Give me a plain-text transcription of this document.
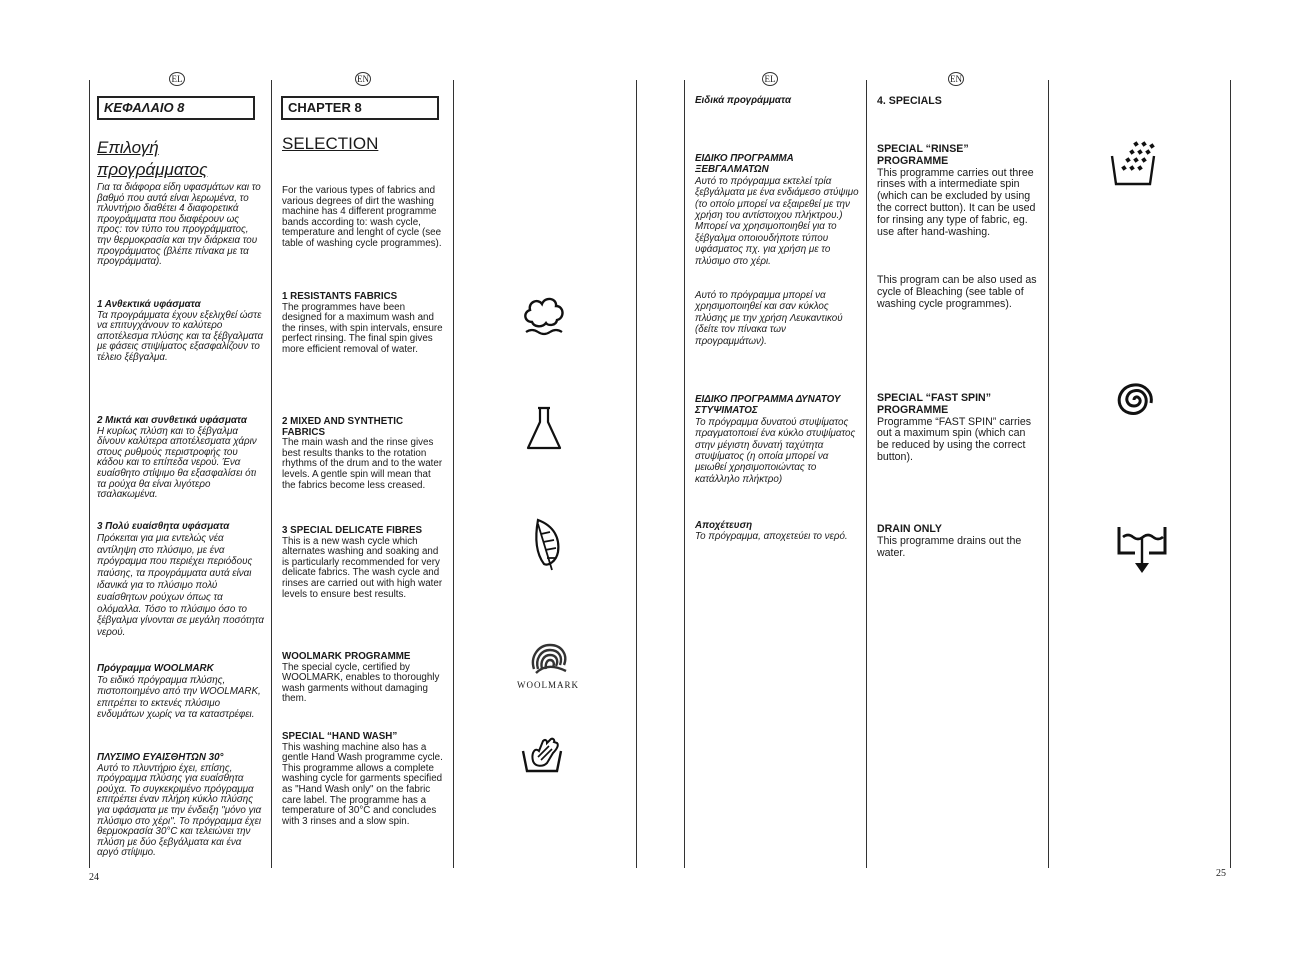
EL	EN	EL	EN
ΚΕΦΑΛΑΙΟ 8
Επιλογή προγράμματος
Για τα διάφορα είδη υφασμάτων και το βαθμό που αυτά είναι λερωμένα, το πλυντήριο διαθέτει 4 διαφορετικά προγράμματα που διαφέρουν ως προς: τον τύπο του προγράμματος, την θερμοκρασία και την διάρκεια του προγράμματος (βλέπε πίνακα με τα προγράμματα).
1 Ανθεκτικά υφάσματα
Τα προγράμματα έχουν εξελιχθεί ώστε να επιτυγχάνουν το καλύτερο αποτέλεσμα πλύσης και τα ξέβγαλματα με φάσεις στιψίματος εξασφαλίζουν το τέλειο ξέβγαλμα.
2 Μικτά και συνθετικά υφάσματα
Η κυρίως πλύση και το ξέβγαλμα δίνουν καλύτερα αποτέλεσματα χάριν στους ρυθμούς περιστροφής του κάδου και το επίπεδα νερού. Ένα ευαίσθητο στίψιμο θα εξασφαλίσει ότι τα ρούχα θα είναι λιγότερο τσαλακωμένα.
3 Πολύ ευαίσθητα υφάσματα
Πρόκειται για μια εντελώς νέα αντίληψη στο πλύσιμο, με ένα πρόγραμμα που περιέχει περιόδους παύσης, τα προγράμματα αυτά είναι ιδανικά για το πλύσιμο πολύ ευαίσθητων ρούχων όπως τα ολόμαλλα. Τόσο το πλύσιμο όσο το ξέβγαλμα γίνονται σε μεγάλη ποσότητα νερού.
Πρόγραμμα WOOLMARK
Το ειδικό πρόγραμμα πλύσης, πιστοποιημένο από την WOOLMARK, επιτρέπει το εκτενές πλύσιμο ενδυμάτων χωρίς να τα καταστρέφει.
ΠΛΥΣΙΜΟ ΕΥΑΙΣΘΗΤΩΝ 30°
Αυτό το πλυντήριο έχει, επίσης, πρόγραμμα πλύσης για ευαίσθητα ρούχα. Το συγκεκριμένο πρόγραμμα επιτρέπει έναν πλήρη κύκλο πλύσης για υφάσματα με την ένδειξη "μόνο για πλύσιμο στο χέρι". Το πρόγραμμα έχει θερμοκρασία 30°C και τελειώνει την πλύση με δύο ξεβγάλματα και ένα αργό στίψιμο.
CHAPTER 8
SELECTION
For the various types of fabrics and various degrees of dirt the washing machine has 4 different programme bands according to: wash cycle, temperature and lenght of cycle (see table of washing cycle programmes).
1 RESISTANTS FABRICS
The programmes have been designed for a maximum wash and the rinses, with spin intervals, ensure perfect rinsing. The final spin gives more efficient removal of water.
2 MIXED AND SYNTHETIC FABRICS
The main wash and the rinse gives best results thanks to the rotation rhythms of the drum and to the water levels. A gentle spin will mean that the fabrics become less creased.
3 SPECIAL DELICATE FIBRES
This is a new wash cycle which alternates washing and soaking and is particularly recommended for very delicate fabrics. The wash cycle and rinses are carried out with high water levels to ensure best results.
WOOLMARK PROGRAMME
The special cycle, certified by WOOLMARK, enables to thoroughly wash garments without damaging them.
SPECIAL “HAND WASH”
This washing machine also has a gentle Hand Wash programme cycle. This programme allows a complete washing cycle for garments specified as "Hand Wash only" on the fabric care label. The programme has a temperature of 30°C and concludes with 3 rinses and a slow spin.
WOOLMARK
24
Ειδικά προγράμματα
ΕΙΔΙΚΟ ΠΡΟΓΡΑΜΜΑ ΞΕΒΓΑΛΜΑΤΩΝ
Αυτό το πρόγραμμα εκτελεί τρία ξεβγάλματα με ένα ενδιάμεσο στύψιμο (το οποίο μπορεί να εξαιρεθεί με την χρήση του αντίστοιχου πλήκτρου.) Μπορεί να χρησιμοποιηθεί για το ξέβγαλμα οποιουδήποτε τύπου υφάσματος πχ. για χρήση με το πλύσιμο στο χέρι.
Αυτό το πρόγραμμα μπορεί να χρησιμοποιηθεί και σαν κύκλος πλύσης με την χρήση Λευκαντικού (δείτε τον πίνακα των προγραμμάτων).
ΕΙΔΙΚΟ ΠΡΟΓΡΑΜΜΑ ΔΥΝΑΤΟΥ ΣΤΥΨΙΜΑΤΟΣ
Το πρόγραμμα δυνατού στυψίματος πραγματοποιεί ένα κύκλο στυψίματος στην μέγιστη δυνατή ταχύτητα στυψίματος (η οποία μπορεί να μειωθεί χρησιμοποιώντας το κατάλληλο πλήκτρο)
Αποχέτευση
Το πρόγραμμα, αποχετεύει το νερό.
4. SPECIALS
SPECIAL “RINSE” PROGRAMME
This programme carries out three rinses with a intermediate spin (which can be excluded by using the correct button). It can be used for rinsing any type of fabric, eg. use after hand-washing.
This program can be also used as cycle of Bleaching (see table of washing cycle programmes).
SPECIAL “FAST SPIN” PROGRAMME
Programme “FAST SPIN” carries out a maximum spin (which can be reduced by using the correct button).
DRAIN ONLY
This programme drains out the water.
25
